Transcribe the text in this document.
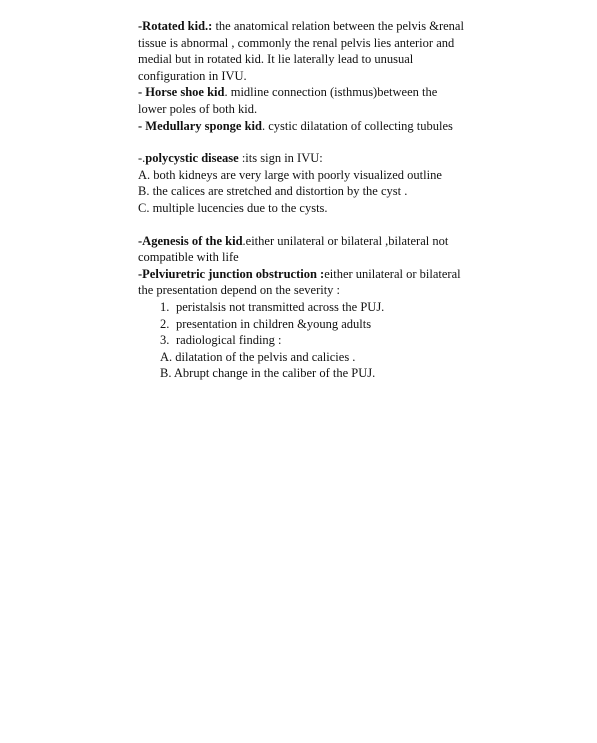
-Rotated kid.: the anatomical relation between the pelvis &renal tissue is abnormal , commonly the renal pelvis lies anterior and medial but in rotated kid. It lie laterally lead to unusual configuration in IVU.

- Horse shoe kid. midline connection (isthmus)between the lower poles of both kid.

- Medullary sponge kid. cystic dilatation of collecting tubules

-.polycystic disease :its sign in IVU:

A. both kidneys are very large with poorly visualized outline

B. the calices are stretched and distortion by the cyst .

C. multiple lucencies due to the cysts.

-Agenesis of the kid.either unilateral or bilateral ,bilateral not compatible with life

-Pelviuretric junction obstruction :either unilateral or bilateral the presentation depend on the severity :

1. peristalsis not transmitted across the PUJ.

2. presentation in children &young adults

3. radiological finding :

A. dilatation of the pelvis and calicies .

B. Abrupt change in the caliber of the PUJ.
